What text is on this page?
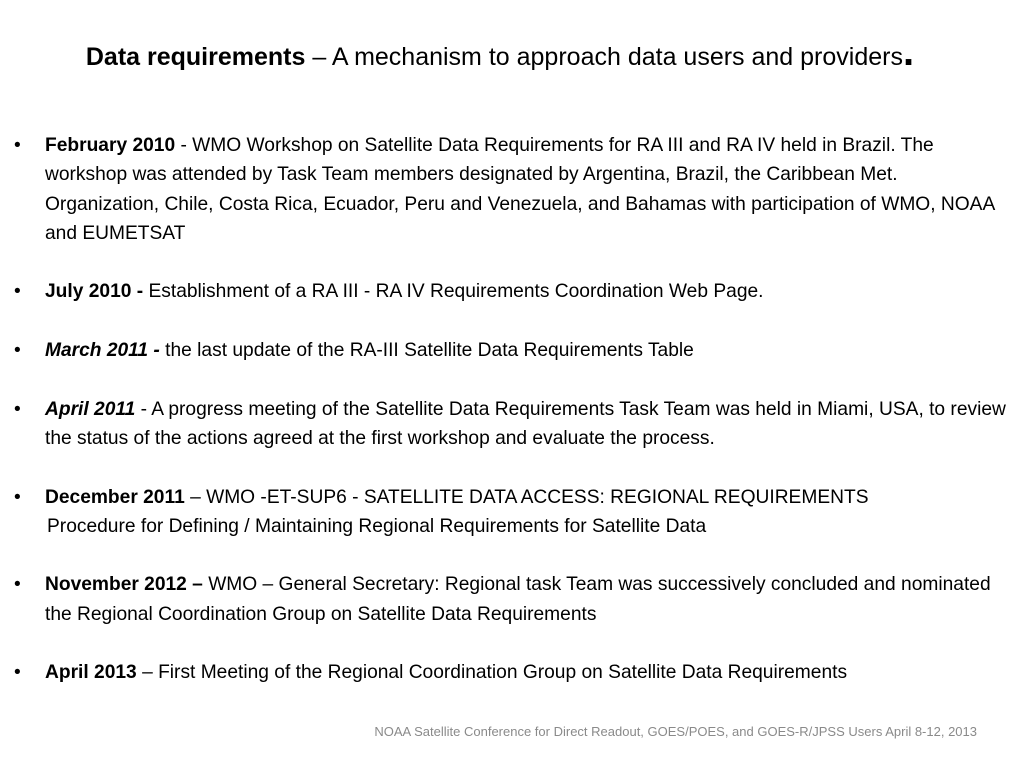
Data requirements – A mechanism to approach data users and providers.
• February 2010 - WMO Workshop on Satellite Data Requirements for RA III and RA IV held in Brazil. The workshop was attended by Task Team members designated by Argentina, Brazil, the Caribbean Met. Organization, Chile, Costa Rica, Ecuador, Peru and Venezuela, and Bahamas with participation of WMO, NOAA and EUMETSAT
• July 2010 - Establishment of a RA III - RA IV Requirements Coordination Web Page.
• March 2011 - the last update of the RA-III Satellite Data Requirements Table
• April 2011 - A progress meeting of the Satellite Data Requirements Task Team was held in Miami, USA, to review the status of the actions agreed at the first workshop and evaluate the process.
• December 2011 – WMO -ET-SUP6 - SATELLITE DATA ACCESS: REGIONAL REQUIREMENTS
Procedure for Defining / Maintaining Regional Requirements for Satellite Data
• November 2012 – WMO – General Secretary: Regional task Team was successively concluded and nominated the Regional Coordination Group on Satellite Data Requirements
• April 2013 – First Meeting of the Regional Coordination Group on Satellite Data Requirements
NOAA Satellite Conference for Direct Readout, GOES/POES, and GOES-R/JPSS Users April 8-12, 2013
